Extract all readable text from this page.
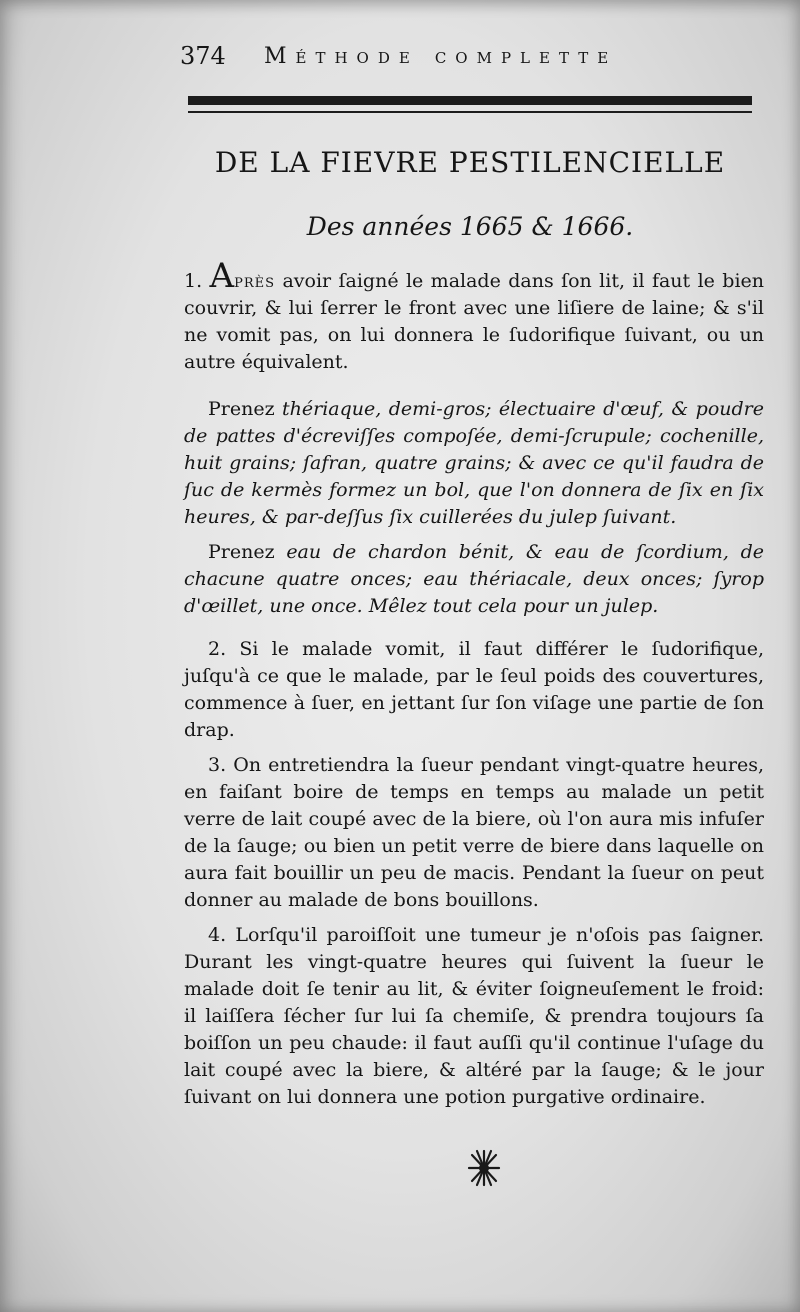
374 Méthode complette
DE LA FIEVRE PESTILENCIELLE
Des années 1665 & 1666.

1. Après avoir ſaigné le malade dans ſon lit, il faut le bien couvrir, & lui ſerrer le front avec une liſiere de laine; & s'il ne vomit pas, on lui donnera le ſudorifique ſuivant, ou un autre équivalent.

Prenez thériaque, demi-gros; électuaire d'œuf, & poudre de pattes d'écreviſſes compoſée, demi-ſcrupule; cochenille, huit grains; ſafran, quatre grains; & avec ce qu'il faudra de ſuc de kermès formez un bol, que l'on donnera de ſix en ſix heures, & par-deſſus ſix cuillerées du julep ſuivant.

Prenez eau de chardon bénit, & eau de ſcordium, de chacune quatre onces; eau thériacale, deux onces; ſyrop d'œillet, une once. Mêlez tout cela pour un julep.

2. Si le malade vomit, il faut différer le ſudorifique, juſqu'à ce que le malade, par le ſeul poids des couvertures, commence à ſuer, en jettant ſur ſon viſage une partie de ſon drap.

3. On entretiendra la ſueur pendant vingt-quatre heures, en faiſant boire de temps en temps au malade un petit verre de lait coupé avec de la biere, où l'on aura mis infuſer de la ſauge; ou bien un petit verre de biere dans laquelle on aura fait bouillir un peu de macis. Pendant la ſueur on peut donner au malade de bons bouillons.

4. Lorſqu'il paroiſſoit une tumeur je n'oſois pas ſaigner. Durant les vingt-quatre heures qui ſuivent la ſueur le malade doit ſe tenir au lit, & éviter ſoigneuſement le froid: il laiſſera ſécher ſur lui ſa chemiſe, & prendra toujours ſa boiſſon un peu chaude: il faut auſſi qu'il continue l'uſage du lait coupé avec la biere, & altéré par la ſauge; & le jour ſuivant on lui donnera une potion purgative ordinaire.
